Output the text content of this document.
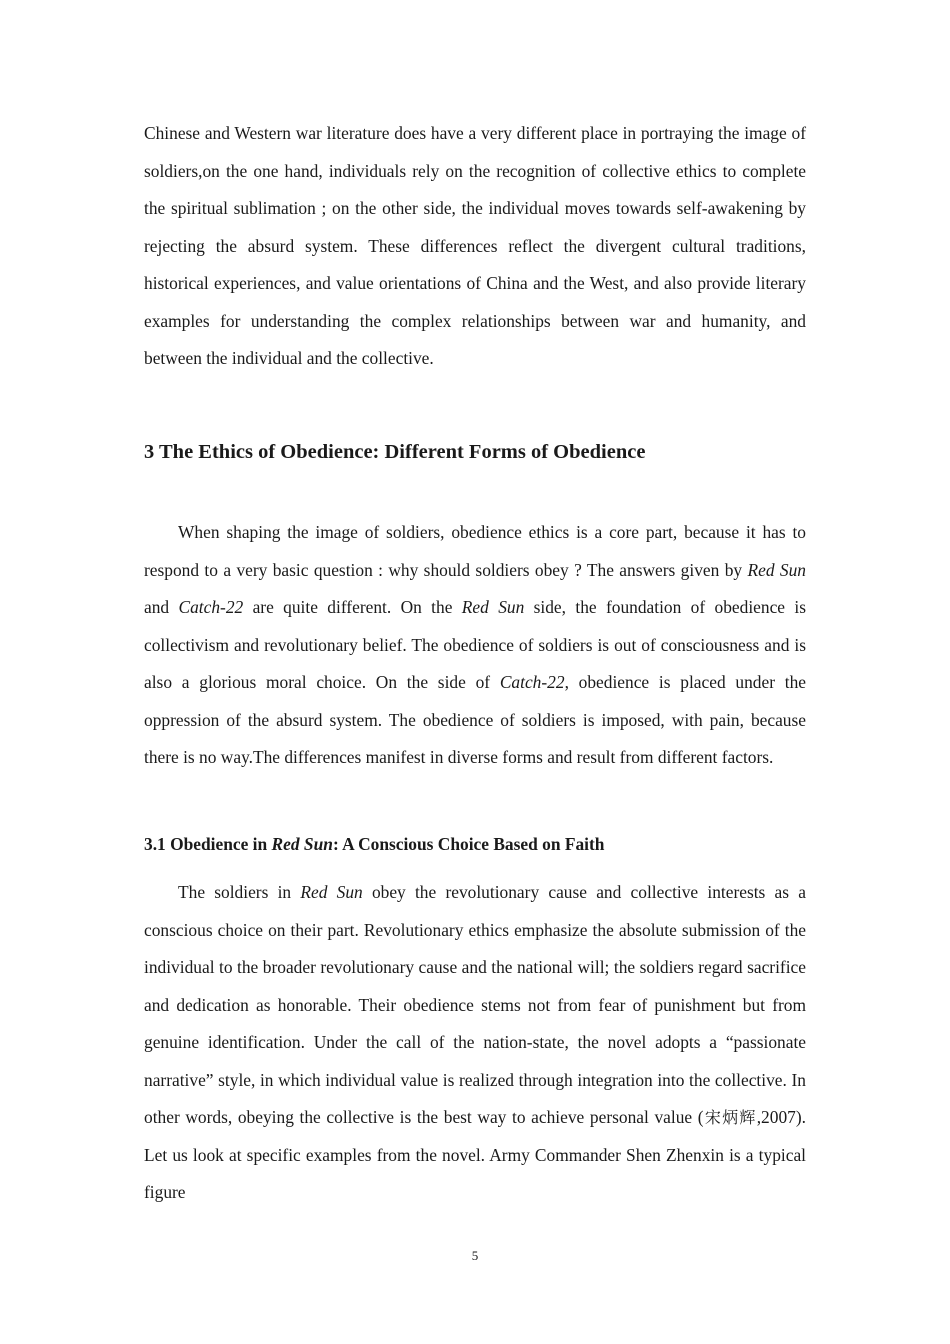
Chinese and Western war literature does have a very different place in portraying the image of soldiers,on the one hand, individuals rely on the recognition of collective ethics to complete the spiritual sublimation ; on the other side, the individual moves towards self-awakening by rejecting the absurd system. These differences reflect the divergent cultural traditions, historical experiences, and value orientations of China and the West, and also provide literary examples for understanding the complex relationships between war and humanity, and between the individual and the collective.

3 The Ethics of Obedience: Different Forms of Obedience

When shaping the image of soldiers, obedience ethics is a core part, because it has to respond to a very basic question : why should soldiers obey ? The answers given by Red Sun and Catch-22 are quite different. On the Red Sun side, the foundation of obedience is collectivism and revolutionary belief. The obedience of soldiers is out of consciousness and is also a glorious moral choice. On the side of Catch-22, obedience is placed under the oppression of the absurd system. The obedience of soldiers is imposed, with pain, because there is no way.The differences manifest in diverse forms and result from different factors.

3.1 Obedience in Red Sun: A Conscious Choice Based on Faith

The soldiers in Red Sun obey the revolutionary cause and collective interests as a conscious choice on their part. Revolutionary ethics emphasize the absolute submission of the individual to the broader revolutionary cause and the national will; the soldiers regard sacrifice and dedication as honorable. Their obedience stems not from fear of punishment but from genuine identification. Under the call of the nation-state, the novel adopts a “passionate narrative” style, in which individual value is realized through integration into the collective. In other words, obeying the collective is the best way to achieve personal value (宋炳辉,2007). Let us look at specific examples from the novel. Army Commander Shen Zhenxin is a typical figure

5
